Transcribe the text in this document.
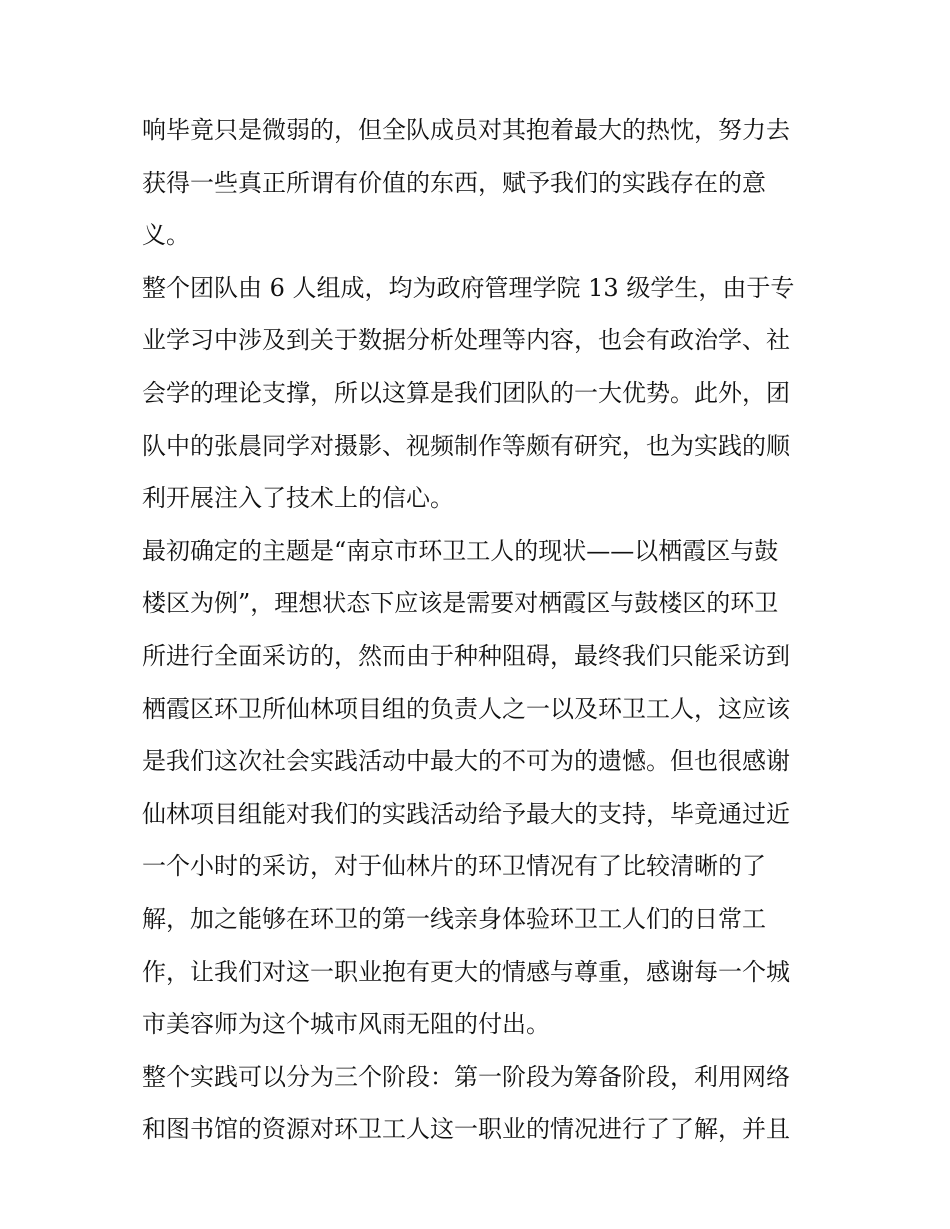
响毕竟只是微弱的，但全队成员对其抱着最大的热忱，努力去
获得一些真正所谓有价值的东西，赋予我们的实践存在的意
义。

整个团队由 6 人组成，均为政府管理学院 13 级学生，由于专
业学习中涉及到关于数据分析处理等内容，也会有政治学、社
会学的理论支撑，所以这算是我们团队的一大优势。此外，团
队中的张晨同学对摄影、视频制作等颇有研究，也为实践的顺
利开展注入了技术上的信心。

最初确定的主题是“南京市环卫工人的现状——以栖霞区与鼓
楼区为例”，理想状态下应该是需要对栖霞区与鼓楼区的环卫
所进行全面采访的，然而由于种种阻碍，最终我们只能采访到
栖霞区环卫所仙林项目组的负责人之一以及环卫工人，这应该
是我们这次社会实践活动中最大的不可为的遗憾。但也很感谢
仙林项目组能对我们的实践活动给予最大的支持，毕竟通过近
一个小时的采访，对于仙林片的环卫情况有了比较清晰的了
解，加之能够在环卫的第一线亲身体验环卫工人们的日常工
作，让我们对这一职业抱有更大的情感与尊重，感谢每一个城
市美容师为这个城市风雨无阻的付出。

整个实践可以分为三个阶段：第一阶段为筹备阶段，利用网络
和图书馆的资源对环卫工人这一职业的情况进行了了解，并且
